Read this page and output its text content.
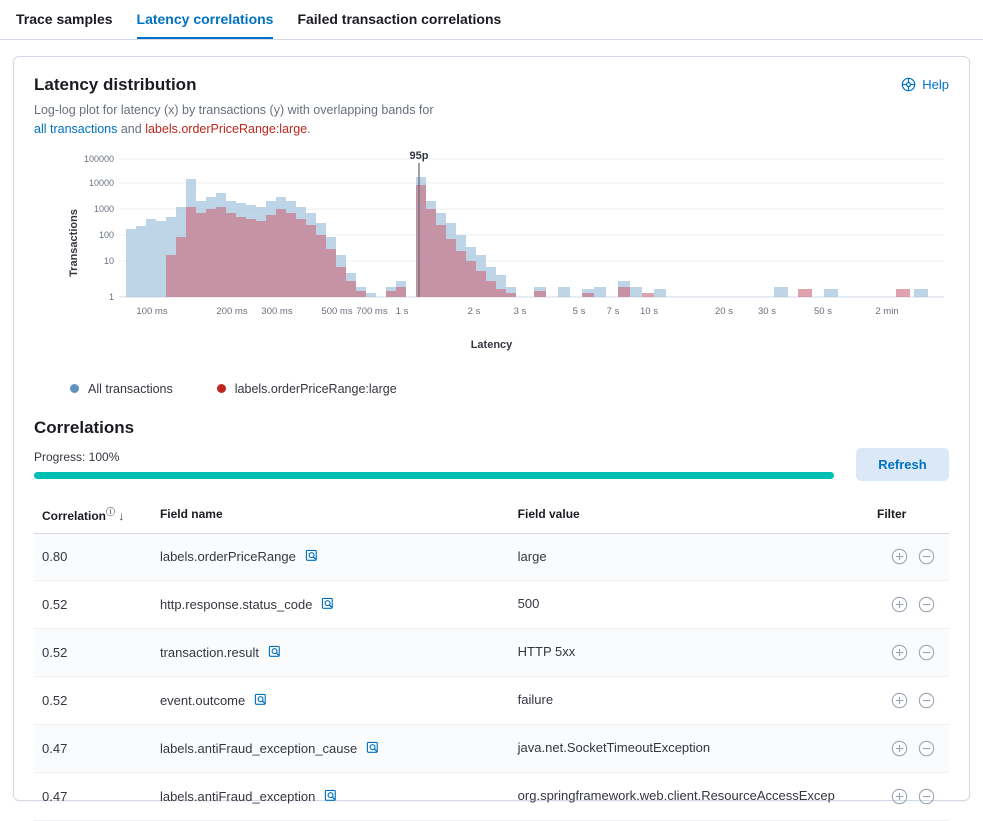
Trace samples Latency correlations Failed transaction correlations
Latency distribution	Help

Log-log plot for latency (x) by transactions (y) with overlapping bands for
all transactions and labels.orderPriceRange:large.

Transactions
Latency
100000
10000
1000
100
10
1
95p
100 ms	200 ms 300 ms	500 ms 700 ms 1 s	2 s	3 s	5 s 7 s 10 s	20 s	30 s	50 s	2 min
All transactions	labels.orderPriceRange:large
Correlations
Progress: 100%	Refresh
Correlationⓘ ↓	Field name	Field value	Filter
0.80	labels.orderPriceRange	large

0.52	http.response.status_code	500

0.52	transaction.result	HTTP 5xx

0.52	event.outcome	failure

0.47	labels.antiFraud_exception_cause	java.net.SocketTimeoutException

0.47	labels.antiFraud_exception	org.springframework.web.client.ResourceAccessExcep
